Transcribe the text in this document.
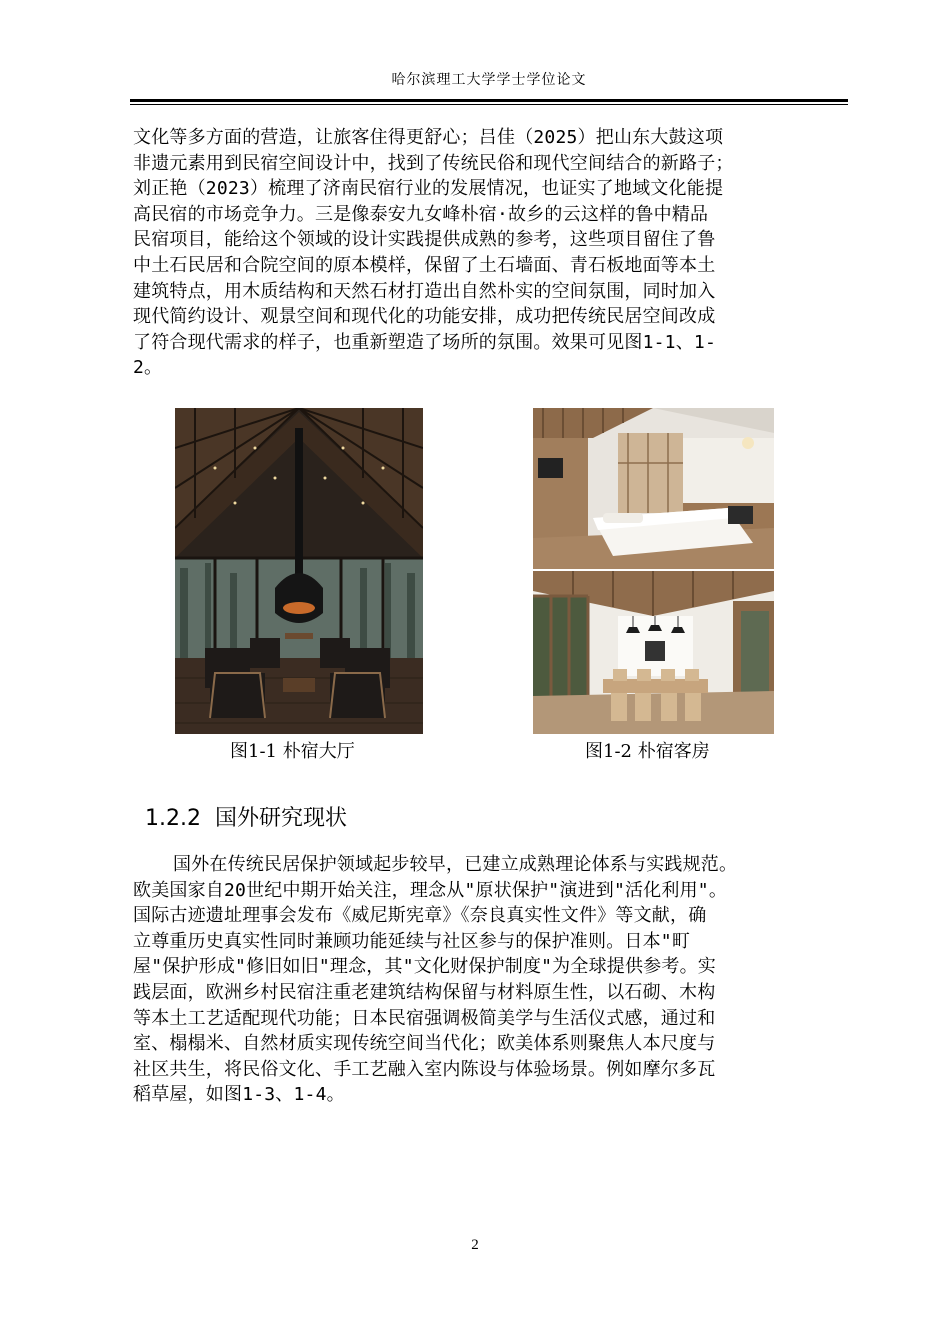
哈尔滨理工大学学士学位论文

文化等多方面的营造，让旅客住得更舒心；吕佳（2025）把山东大鼓这项
非遗元素用到民宿空间设计中，找到了传统民俗和现代空间结合的新路子；
刘正艳（2023）梳理了济南民宿行业的发展情况，也证实了地域文化能提
高民宿的市场竞争力。三是像泰安九女峰朴宿·故乡的云这样的鲁中精品
民宿项目，能给这个领域的设计实践提供成熟的参考，这些项目留住了鲁
中土石民居和合院空间的原本模样，保留了土石墙面、青石板地面等本土
建筑特点，用木质结构和天然石材打造出自然朴实的空间氛围，同时加入
现代简约设计、观景空间和现代化的功能安排，成功把传统民居空间改成
了符合现代需求的样子，也重新塑造了场所的氛围。效果可见图1-1、1-
2。

图1-1 朴宿大厅	图1-2 朴宿客房
1.2.2 国外研究现状

国外在传统民居保护领域起步较早，已建立成熟理论体系与实践规范。
欧美国家自20世纪中期开始关注，理念从"原状保护"演进到"活化利用"。
国际古迹遗址理事会发布《威尼斯宪章》《奈良真实性文件》等文献，确
立尊重历史真实性同时兼顾功能延续与社区参与的保护准则。日本"町
屋"保护形成"修旧如旧"理念，其"文化财保护制度"为全球提供参考。实
践层面，欧洲乡村民宿注重老建筑结构保留与材料原生性，以石砌、木构
等本土工艺适配现代功能；日本民宿强调极简美学与生活仪式感，通过和
室、榻榻米、自然材质实现传统空间当代化；欧美体系则聚焦人本尺度与
社区共生，将民俗文化、手工艺融入室内陈设与体验场景。例如摩尔多瓦
稻草屋，如图1-3、1-4。

2
